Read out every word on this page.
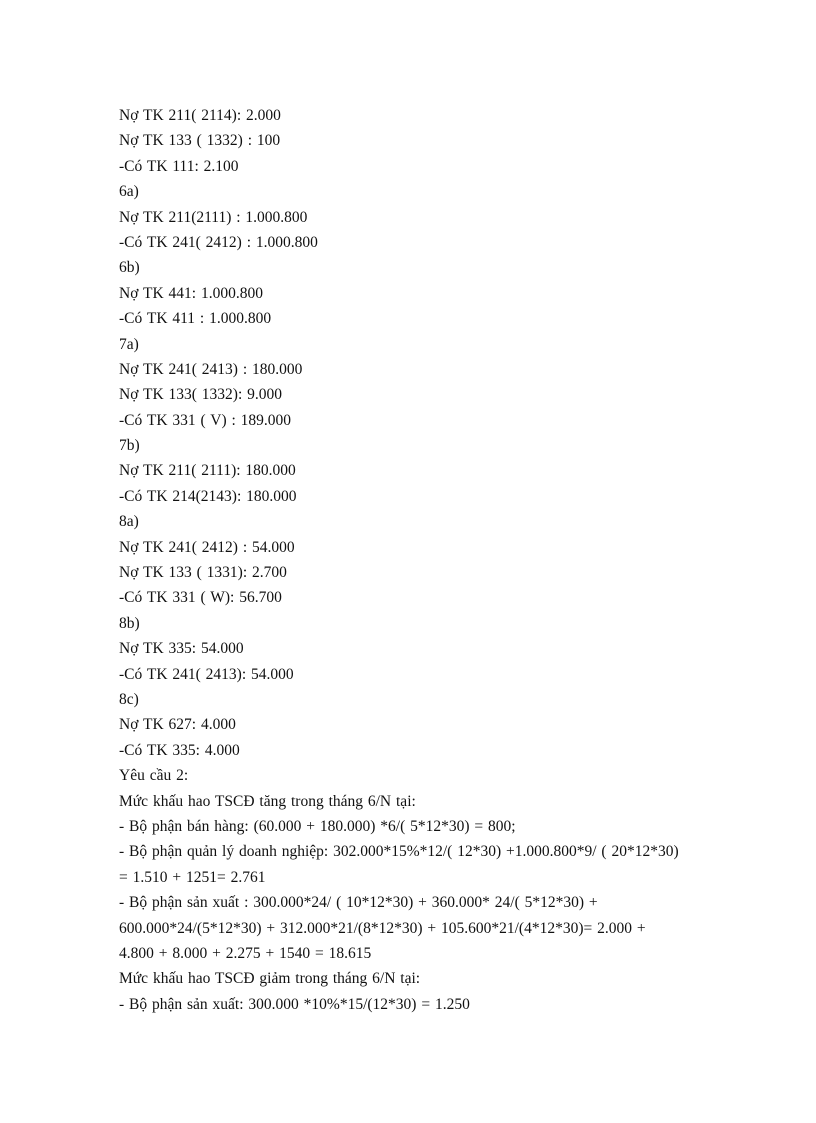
Nợ TK 211( 2114): 2.000
Nợ TK 133 ( 1332) : 100
-Có TK 111: 2.100
6a)
Nợ TK 211(2111) : 1.000.800
-Có TK 241( 2412) : 1.000.800
6b)
Nợ TK 441: 1.000.800
-Có TK 411 : 1.000.800
7a)
Nợ TK 241( 2413) : 180.000
Nợ TK 133( 1332): 9.000
-Có TK 331 ( V) : 189.000
7b)
Nợ TK 211( 2111): 180.000
-Có TK 214(2143): 180.000
8a)
Nợ TK 241( 2412) : 54.000
Nợ TK 133 ( 1331): 2.700
-Có TK 331 ( W): 56.700
8b)
Nợ TK 335: 54.000
-Có TK 241( 2413): 54.000
8c)
Nợ TK 627: 4.000
-Có TK 335: 4.000
Yêu cầu 2:
Mức khấu hao TSCĐ tăng trong tháng 6/N tại:
- Bộ phận bán hàng: (60.000 + 180.000) *6/( 5*12*30) = 800;
- Bộ phận quản lý doanh nghiệp: 302.000*15%*12/( 12*30) +1.000.800*9/ ( 20*12*30)
= 1.510 + 1251= 2.761
- Bộ phận sản xuất : 300.000*24/ ( 10*12*30) + 360.000* 24/( 5*12*30) +
600.000*24/(5*12*30) + 312.000*21/(8*12*30) + 105.600*21/(4*12*30)= 2.000 +
4.800 + 8.000 + 2.275 + 1540 = 18.615
Mức khấu hao TSCĐ giảm trong tháng 6/N tại:
- Bộ phận sản xuất: 300.000 *10%*15/(12*30) = 1.250
